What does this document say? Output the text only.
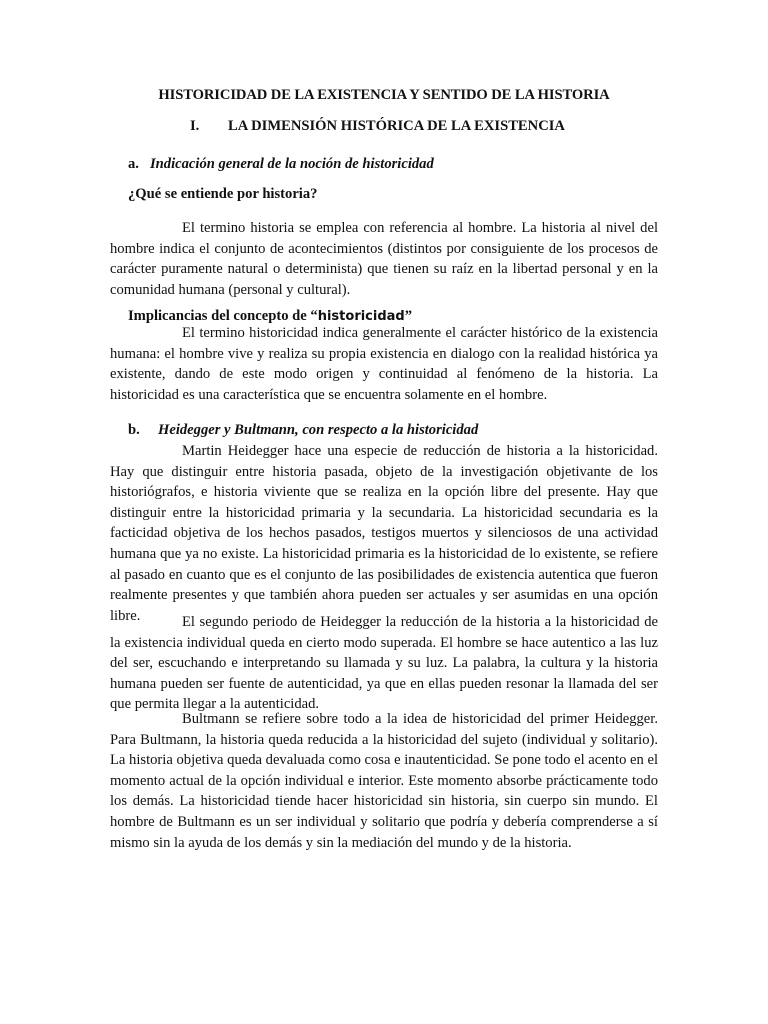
HISTORICIDAD DE LA EXISTENCIA Y SENTIDO DE LA HISTORIA
I. LA DIMENSIÓN HISTÓRICA DE LA EXISTENCIA
a. Indicación general de la noción de historicidad

¿Qué se entiende por historia?

El termino historia se emplea con referencia al hombre. La historia al nivel del hombre indica el conjunto de acontecimientos (distintos por consiguiente de los procesos de carácter puramente natural o determinista) que tienen su raíz en la libertad personal y en la comunidad humana (personal y cultural).

Implicancias del concepto de “historicidad”

El termino historicidad indica generalmente el carácter histórico de la existencia humana: el hombre vive y realiza su propia existencia en dialogo con la realidad histórica ya existente, dando de este modo origen y continuidad al fenómeno de la historia. La historicidad es una característica que se encuentra solamente en el hombre.

b. Heidegger y Bultmann, con respecto a la historicidad

Martin Heidegger hace una especie de reducción de historia a la historicidad. Hay que distinguir entre historia pasada, objeto de la investigación objetivante de los historiógrafos, e historia viviente que se realiza en la opción libre del presente. Hay que distinguir entre la historicidad primaria y la secundaria. La historicidad secundaria es la facticidad objetiva de los hechos pasados, testigos muertos y silenciosos de una actividad humana que ya no existe. La historicidad primaria es la historicidad de lo existente, se refiere al pasado en cuanto que es el conjunto de las posibilidades de existencia autentica que fueron realmente presentes y que también ahora pueden ser actuales y ser asumidas en una opción libre.	El segundo periodo de Heidegger la reducción de la historia a la historicidad de la existencia individual queda en cierto modo superada. El hombre se hace autentico a las luz del ser, escuchando e interpretando su llamada y su luz. La palabra, la cultura y la historia humana pueden ser fuente de autenticidad, ya que en ellas pueden resonar la llamada del ser que permita llegar a la autenticidad.

Bultmann se refiere sobre todo a la idea de historicidad del primer Heidegger. Para Bultmann, la historia queda reducida a la historicidad del sujeto (individual y solitario). La historia objetiva queda devaluada como cosa e inautenticidad. Se pone todo el acento en el momento actual de la opción individual e interior. Este momento absorbe prácticamente todo los demás. La historicidad tiende hacer historicidad sin historia, sin cuerpo sin mundo. El hombre de Bultmann es un ser individual y solitario que podría y debería comprenderse a sí mismo sin la ayuda de los demás y sin la mediación del mundo y de la historia.
